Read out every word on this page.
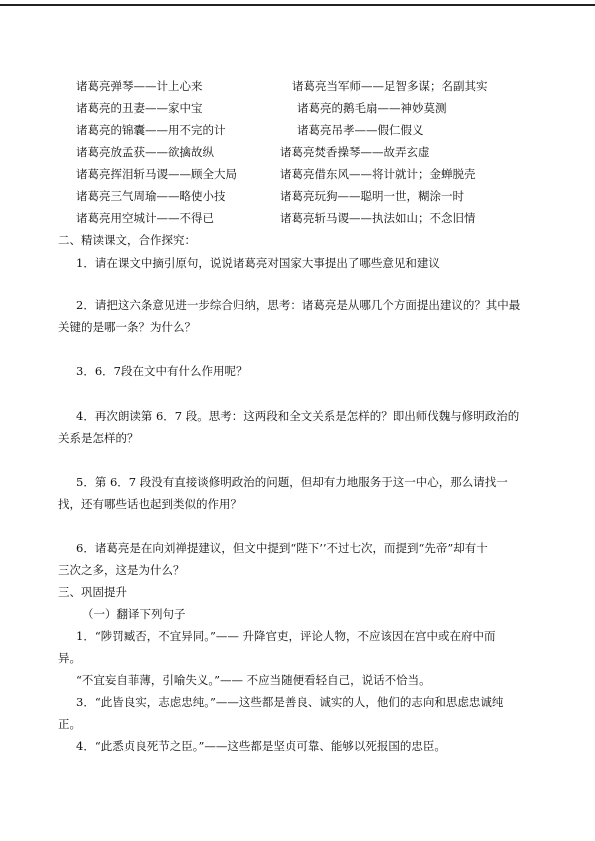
诸葛亮弹琴——计上心来	诸葛亮当军师——足智多谋；名副其实
诸葛亮的丑妻——家中宝	诸葛亮的鹅毛扇——神妙莫测
诸葛亮的锦囊——用不完的计	诸葛亮吊孝——假仁假义
诸葛亮放孟获——欲擒故纵	诸葛亮焚香操琴——故弄玄虚
诸葛亮挥泪斩马谡——顾全大局	诸葛亮借东风——将计就计；金蝉脱壳
诸葛亮三气周瑜——略使小技	诸葛亮玩狗——聪明一世，糊涂一时
诸葛亮用空城计——不得已	诸葛亮斩马谡——执法如山；不念旧情
二、精读课文，合作探究：
1．请在课文中摘引原句，说说诸葛亮对国家大事提出了哪些意见和建议
2．请把这六条意见进一步综合归纳，思考：诸葛亮是从哪几个方面提出建议的？其中最
关键的是哪一条？为什么？
3．6．7段在文中有什么作用呢？
4．再次朗读第 6．7 段。思考：这两段和全文关系是怎样的？即出师伐魏与修明政治的
关系是怎样的？
5．第 6．7 段没有直接谈修明政治的问题，但却有力地服务于这一中心，那么请找一
找，还有哪些话也起到类似的作用？
6．诸葛亮是在向刘禅提建议，但文中提到“陛下’’不过七次，而提到“先帝”却有十
三次之多，这是为什么？
三、巩固提升
（一）翻译下列句子
1．“陟罚臧否，不宜异同。”—— 升降官吏，评论人物，不应该因在宫中或在府中而
异。
“不宜妄自菲薄，引喻失义。”—— 不应当随便看轻自己，说话不恰当。
3．“此皆良实，志虑忠纯。”——这些都是善良、诚实的人，他们的志向和思虑忠诚纯
正。
4．“此悉贞良死节之臣。”——这些都是坚贞可靠、能够以死报国的忠臣。
